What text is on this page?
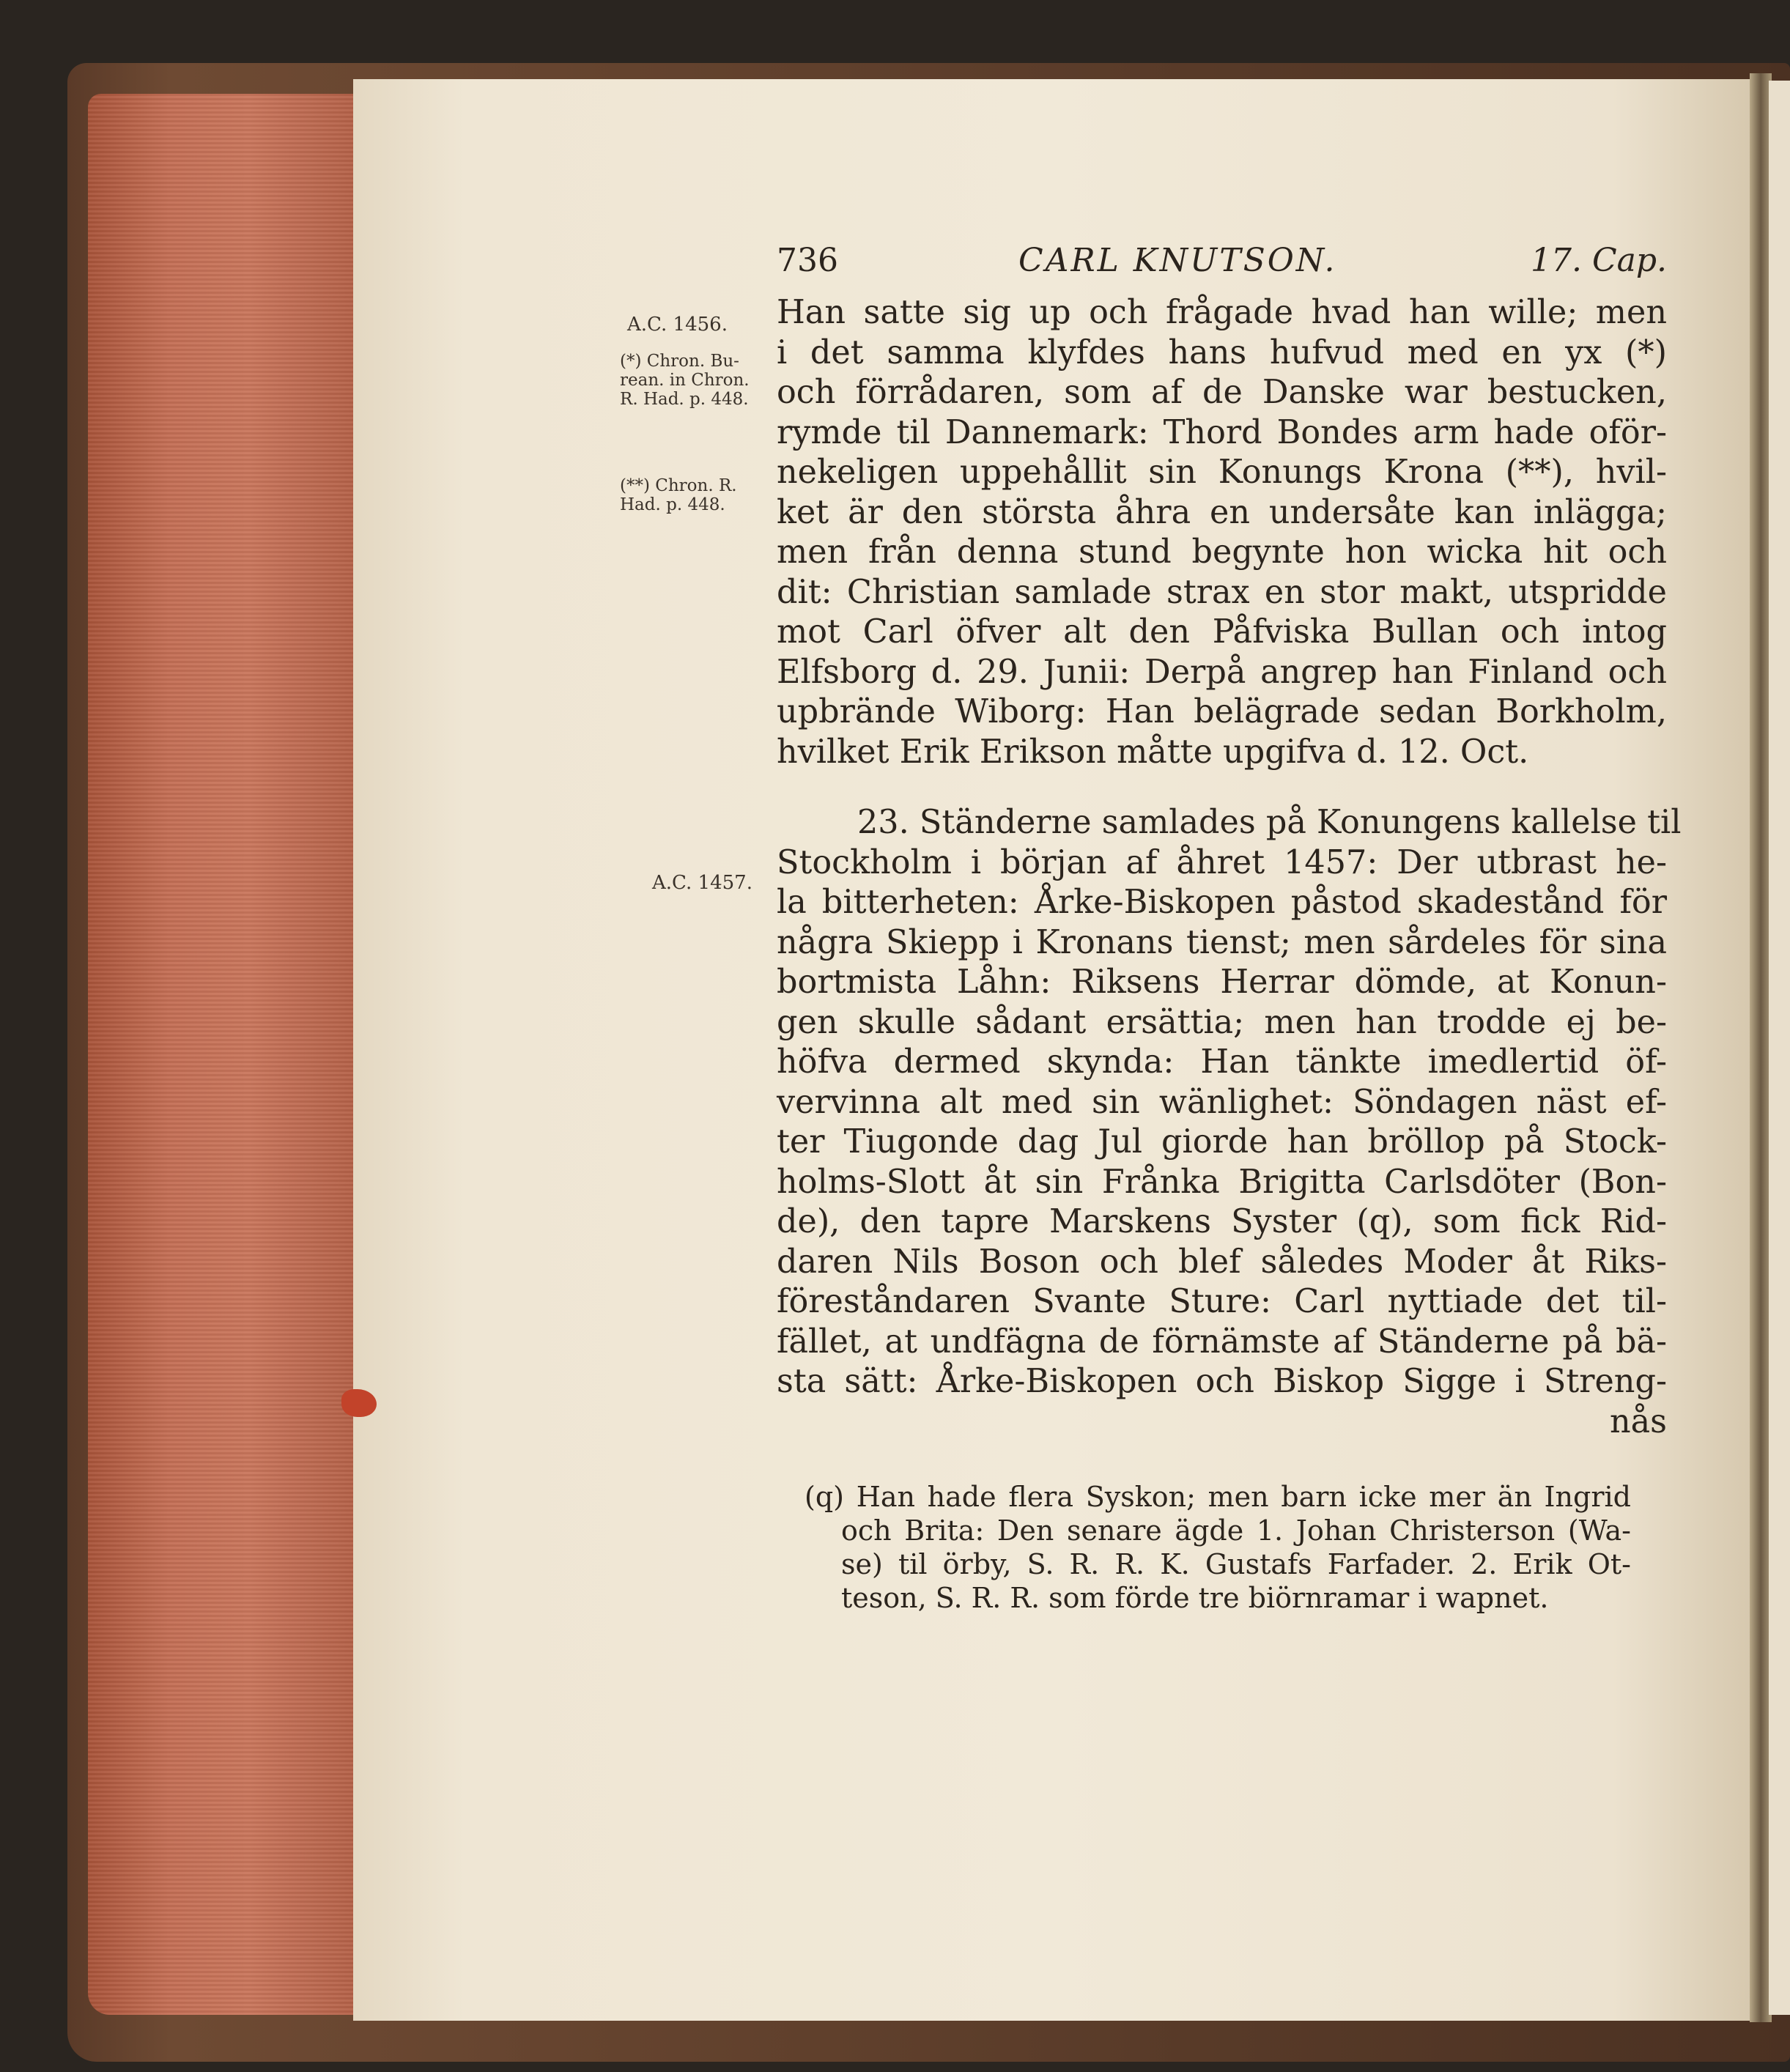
736	CARL KNUTSON.	17. Cap.
A.C. 1456.
(*) Chron. Bu-
rean. in Chron.
R. Had. p. 448.
(**) Chron. R.
Had. p. 448.
A.C. 1457.
Han satte sig up och frågade hvad han wille; men
i det samma klyfdes hans hufvud med en yx (*)
och förrådaren, som af de Danske war bestucken,
rymde til Dannemark: Thord Bondes arm hade oför-
nekeligen uppehållit sin Konungs Krona (**), hvil-
ket är den största åhra en undersåte kan inlägga;
men från denna stund begynte hon wicka hit och
dit: Christian samlade strax en stor makt, utspridde
mot Carl öfver alt den Påfviska Bullan och intog
Elfsborg d. 29. Junii: Derpå angrep han Finland och
upbrände Wiborg: Han belägrade sedan Borkholm,
hvilket Erik Erikson måtte upgifva d. 12. Oct.
23. Ständerne samlades på Konungens kallelse til
Stockholm i början af åhret 1457: Der utbrast he-
la bitterheten: Årke-Biskopen påstod skadestånd för
några Skiepp i Kronans tienst; men sårdeles för sina
bortmista Låhn: Riksens Herrar dömde, at Konun-
gen skulle sådant ersättia; men han trodde ej be-
höfva dermed skynda: Han tänkte imedlertid öf-
vervinna alt med sin wänlighet: Söndagen näst ef-
ter Tiugonde dag Jul giorde han bröllop på Stock-
holms-Slott åt sin Frånka Brigitta Carlsdöter (Bon-
de), den tapre Marskens Syster (q), som fick Rid-
daren Nils Boson och blef således Moder åt Riks-
föreståndaren Svante Sture: Carl nyttiade det til-
fället, at undfägna de förnämste af Ständerne på bä-
sta sätt: Årke-Biskopen och Biskop Sigge i Streng-
nås
(q) Han hade flera Syskon; men barn icke mer än Ingrid
och Brita: Den senare ägde 1. Johan Christerson (Wa-
se) til örby, S. R. R. K. Gustafs Farfader. 2. Erik Ot-
teson, S. R. R. som förde tre biörnramar i wapnet.
